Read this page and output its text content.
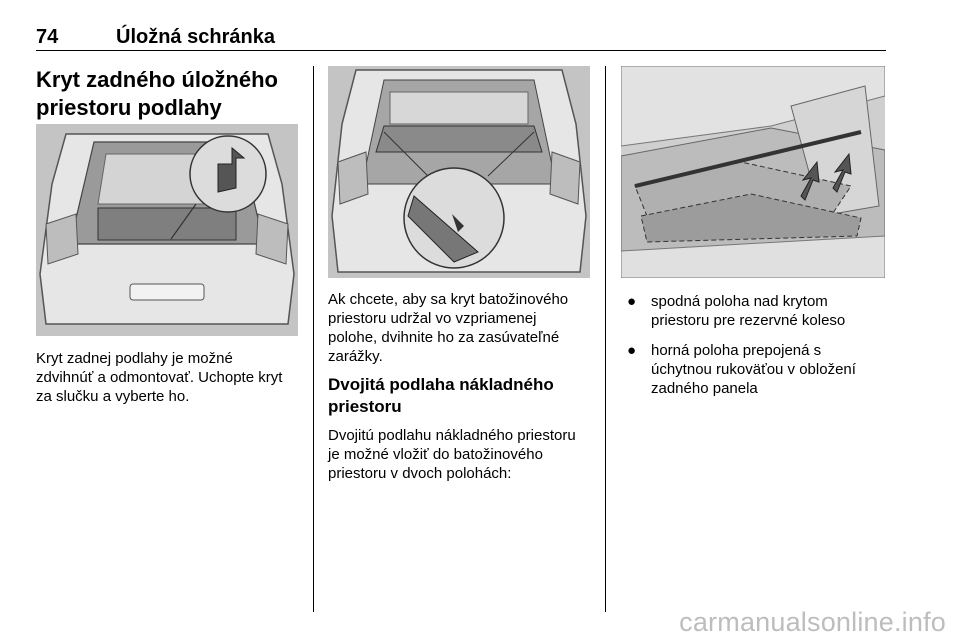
74	Úložná schránka
Kryt zadného úložného
priestoru podlahy

Kryt zadnej podlahy je možné
zdvihnúť a odmontovať. Uchopte kryt
za slučku a vyberte ho.

Ak chcete, aby sa kryt batožinového
priestoru udržal vo vzpriamenej
polohe, dvihnite ho za zasúvateľné
zarážky.

Dvojitá podlaha nákladného
priestoru

Dvojitú podlahu nákladného priestoru
je možné vložiť do batožinového
priestoru v dvoch polohách:

● spodná poloha nad krytom
priestoru pre rezervné koleso
● horná poloha prepojená s
úchytnou rukoväťou v obložení
zadného panela
carmanualsonline.info
